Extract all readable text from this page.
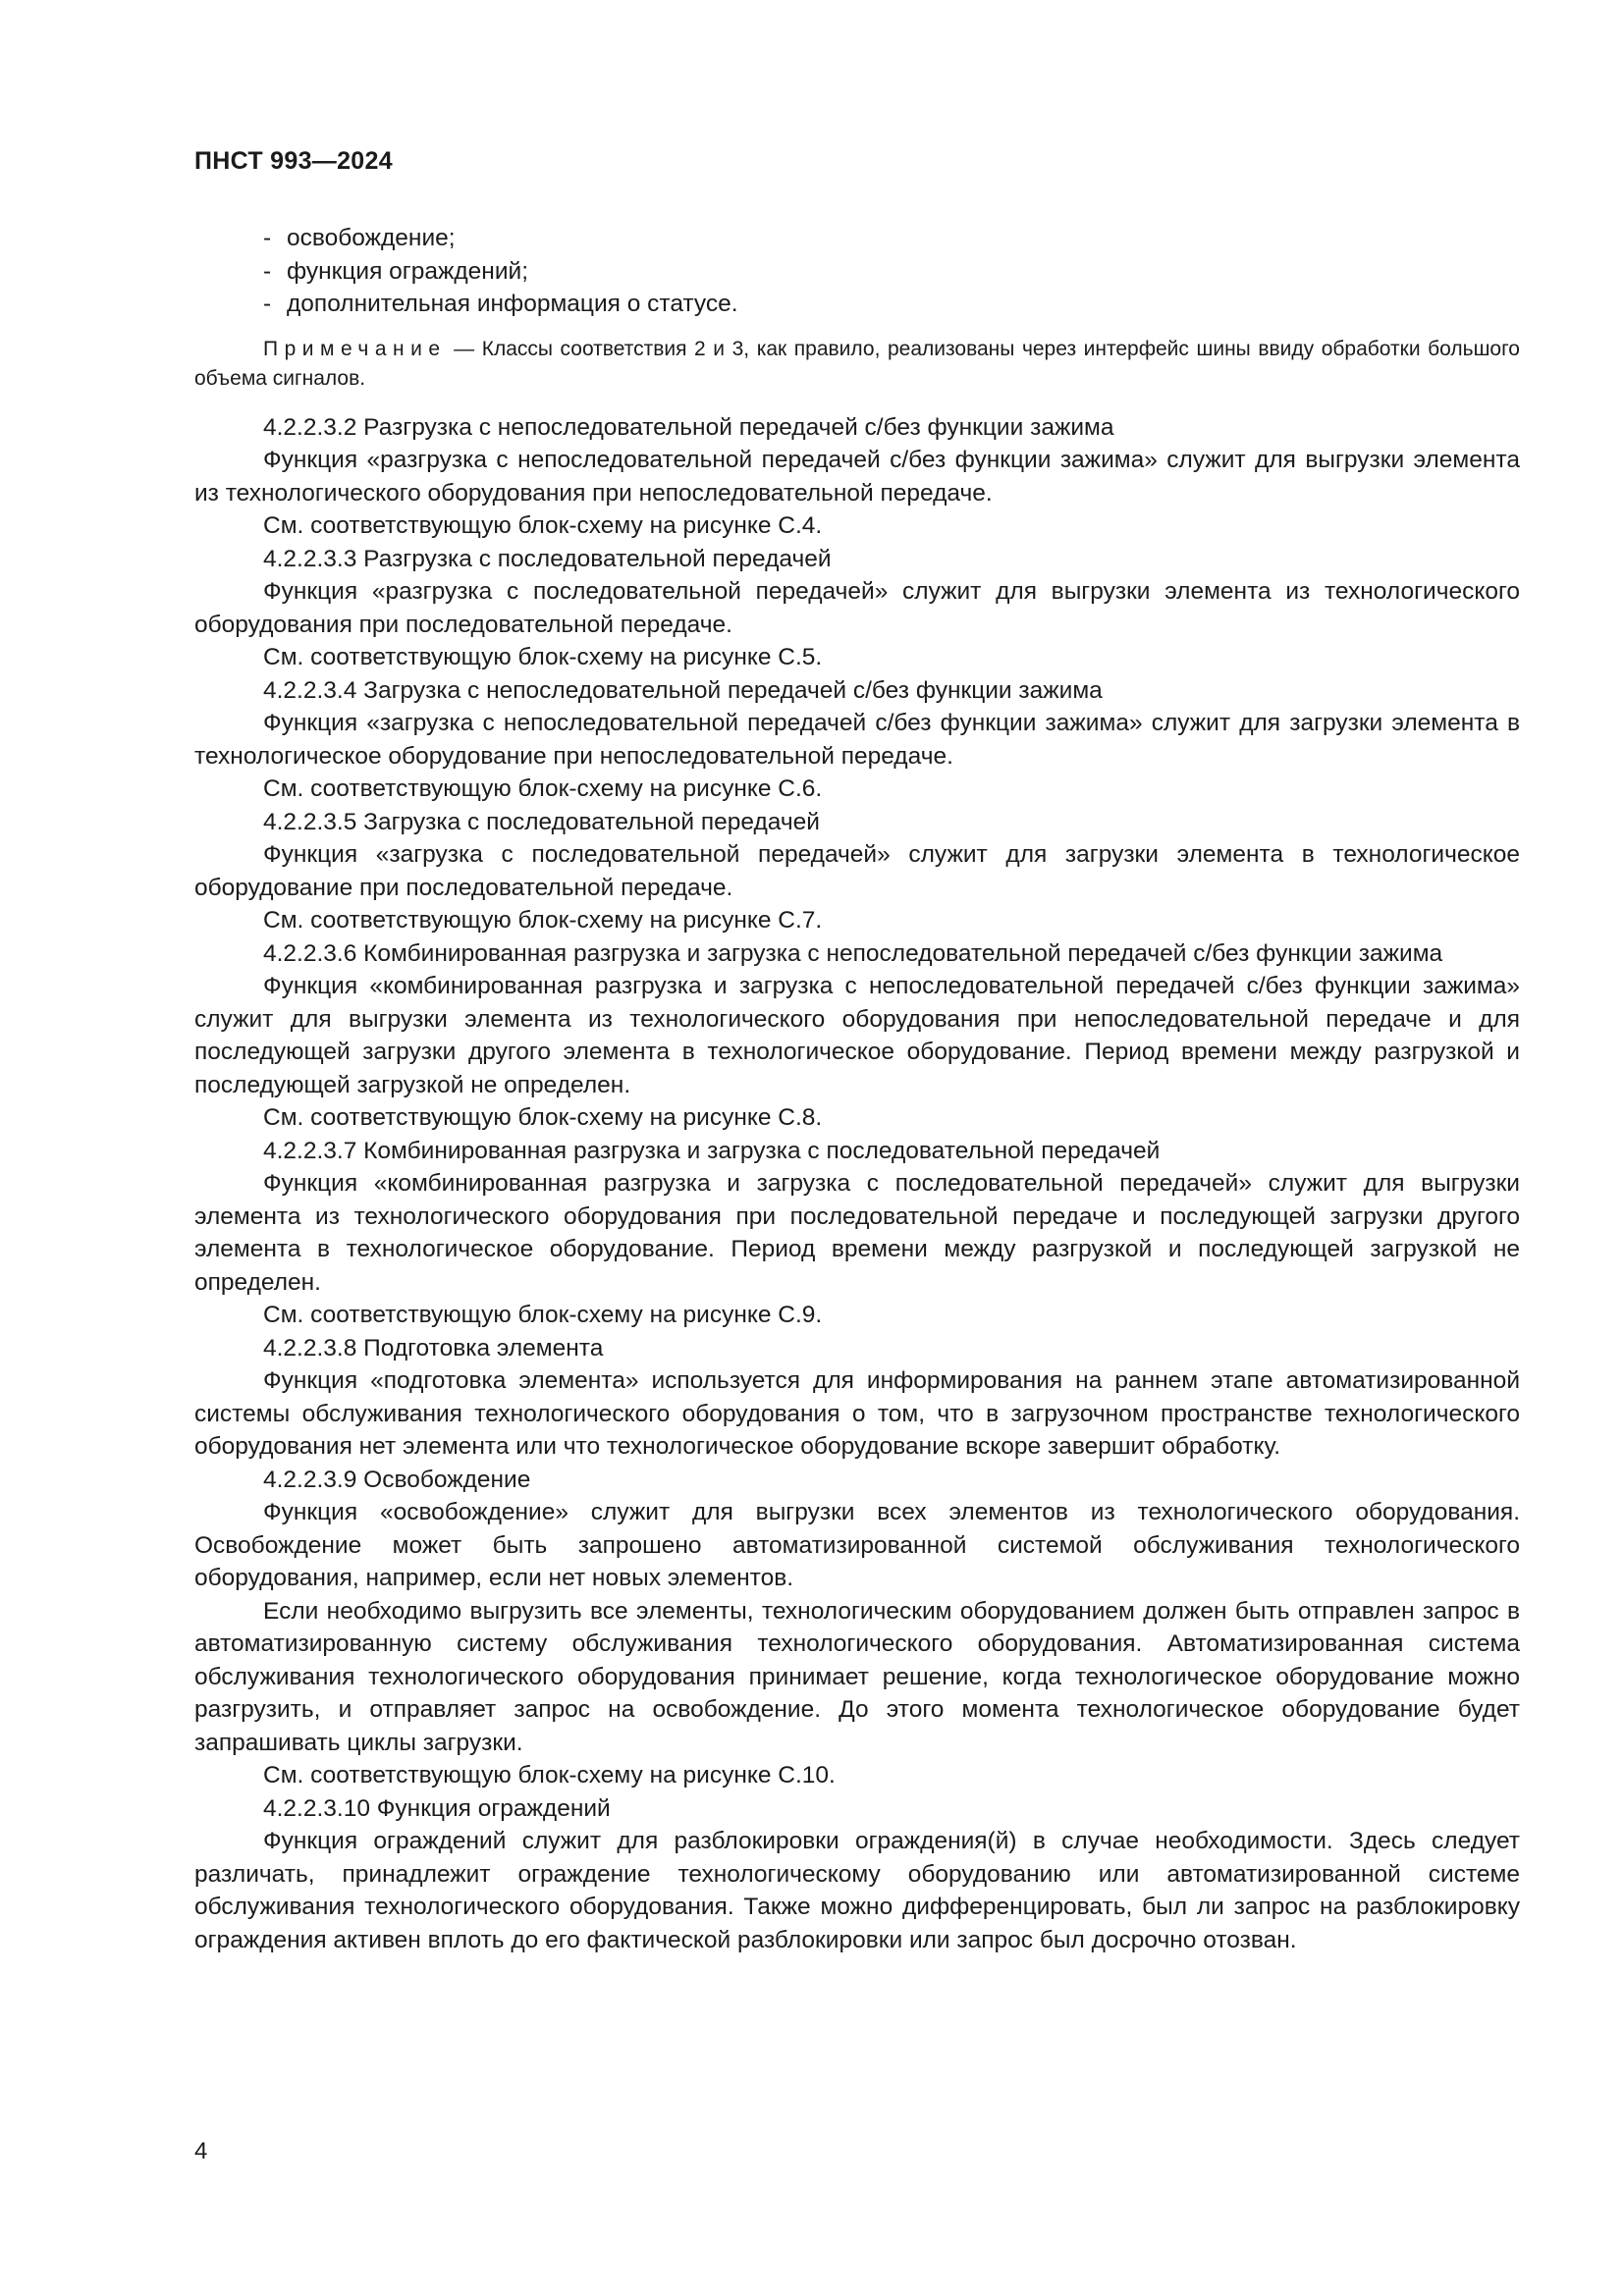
ПНСТ 993—2024

- освобождение;

- функция ограждений;

- дополнительная информация о статусе.

Примечание — Классы соответствия 2 и 3, как правило, реализованы через интерфейс шины ввиду обработки большого объема сигналов.

4.2.2.3.2 Разгрузка с непоследовательной передачей с/без функции зажима

Функция «разгрузка с непоследовательной передачей с/без функции зажима» служит для выгрузки элемента из технологического оборудования при непоследовательной передаче.

См. соответствующую блок-схему на рисунке С.4.

4.2.2.3.3 Разгрузка с последовательной передачей

Функция «разгрузка с последовательной передачей» служит для выгрузки элемента из технологического оборудования при последовательной передаче.

См. соответствующую блок-схему на рисунке С.5.

4.2.2.3.4 Загрузка с непоследовательной передачей с/без функции зажима

Функция «загрузка с непоследовательной передачей с/без функции зажима» служит для загрузки элемента в технологическое оборудование при непоследовательной передаче.

См. соответствующую блок-схему на рисунке С.6.

4.2.2.3.5 Загрузка с последовательной передачей

Функция «загрузка с последовательной передачей» служит для загрузки элемента в технологическое оборудование при последовательной передаче.

См. соответствующую блок-схему на рисунке С.7.

4.2.2.3.6 Комбинированная разгрузка и загрузка с непоследовательной передачей с/без функции зажима

Функция «комбинированная разгрузка и загрузка с непоследовательной передачей с/без функции зажима» служит для выгрузки элемента из технологического оборудования при непоследовательной передаче и для последующей загрузки другого элемента в технологическое оборудование. Период времени между разгрузкой и последующей загрузкой не определен.

См. соответствующую блок-схему на рисунке С.8.

4.2.2.3.7 Комбинированная разгрузка и загрузка с последовательной передачей

Функция «комбинированная разгрузка и загрузка с последовательной передачей» служит для выгрузки элемента из технологического оборудования при последовательной передаче и последующей загрузки другого элемента в технологическое оборудование. Период времени между разгрузкой и последующей загрузкой не определен.

См. соответствующую блок-схему на рисунке С.9.

4.2.2.3.8 Подготовка элемента

Функция «подготовка элемента» используется для информирования на раннем этапе автоматизированной системы обслуживания технологического оборудования о том, что в загрузочном пространстве технологического оборудования нет элемента или что технологическое оборудование вскоре завершит обработку.

4.2.2.3.9 Освобождение

Функция «освобождение» служит для выгрузки всех элементов из технологического оборудования. Освобождение может быть запрошено автоматизированной системой обслуживания технологического оборудования, например, если нет новых элементов.

Если необходимо выгрузить все элементы, технологическим оборудованием должен быть отправлен запрос в автоматизированную систему обслуживания технологического оборудования. Автоматизированная система обслуживания технологического оборудования принимает решение, когда технологическое оборудование можно разгрузить, и отправляет запрос на освобождение. До этого момента технологическое оборудование будет запрашивать циклы загрузки.

См. соответствующую блок-схему на рисунке С.10.

4.2.2.3.10 Функция ограждений

Функция ограждений служит для разблокировки ограждения(й) в случае необходимости. Здесь следует различать, принадлежит ограждение технологическому оборудованию или автоматизированной системе обслуживания технологического оборудования. Также можно дифференцировать, был ли запрос на разблокировку ограждения активен вплоть до его фактической разблокировки или запрос был досрочно отозван.

4
